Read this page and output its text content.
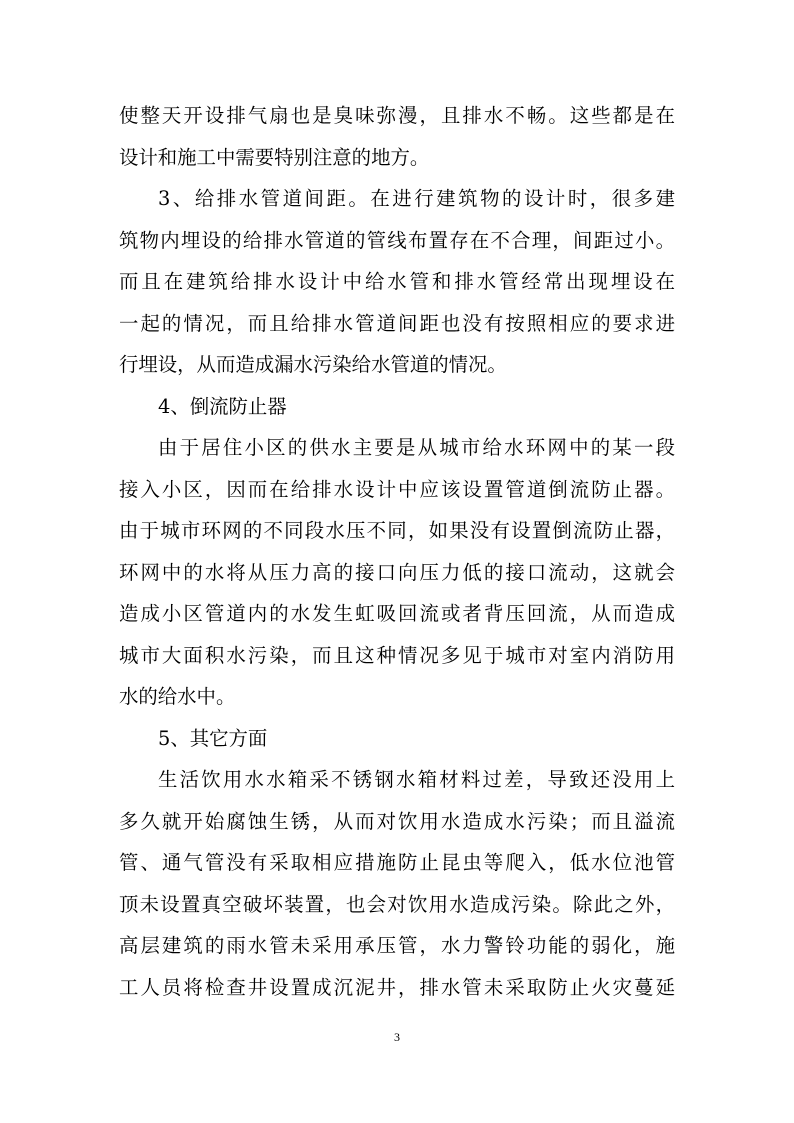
使整天开设排气扇也是臭味弥漫，且排水不畅。这些都是在
设计和施工中需要特别注意的地方。
3、给排水管道间距。在进行建筑物的设计时，很多建
筑物内埋设的给排水管道的管线布置存在不合理，间距过小。
而且在建筑给排水设计中给水管和排水管经常出现埋设在
一起的情况，而且给排水管道间距也没有按照相应的要求进
行埋设，从而造成漏水污染给水管道的情况。
4、倒流防止器
由于居住小区的供水主要是从城市给水环网中的某一段
接入小区，因而在给排水设计中应该设置管道倒流防止器。
由于城市环网的不同段水压不同，如果没有设置倒流防止器，
环网中的水将从压力高的接口向压力低的接口流动，这就会
造成小区管道内的水发生虹吸回流或者背压回流，从而造成
城市大面积水污染，而且这种情况多见于城市对室内消防用
水的给水中。
5、其它方面
生活饮用水水箱采不锈钢水箱材料过差，导致还没用上
多久就开始腐蚀生锈，从而对饮用水造成水污染；而且溢流
管、通气管没有采取相应措施防止昆虫等爬入，低水位池管
顶未设置真空破坏装置，也会对饮用水造成污染。除此之外，
高层建筑的雨水管未采用承压管，水力警铃功能的弱化，施
工人员将检查井设置成沉泥井，排水管未采取防止火灾蔓延
3
